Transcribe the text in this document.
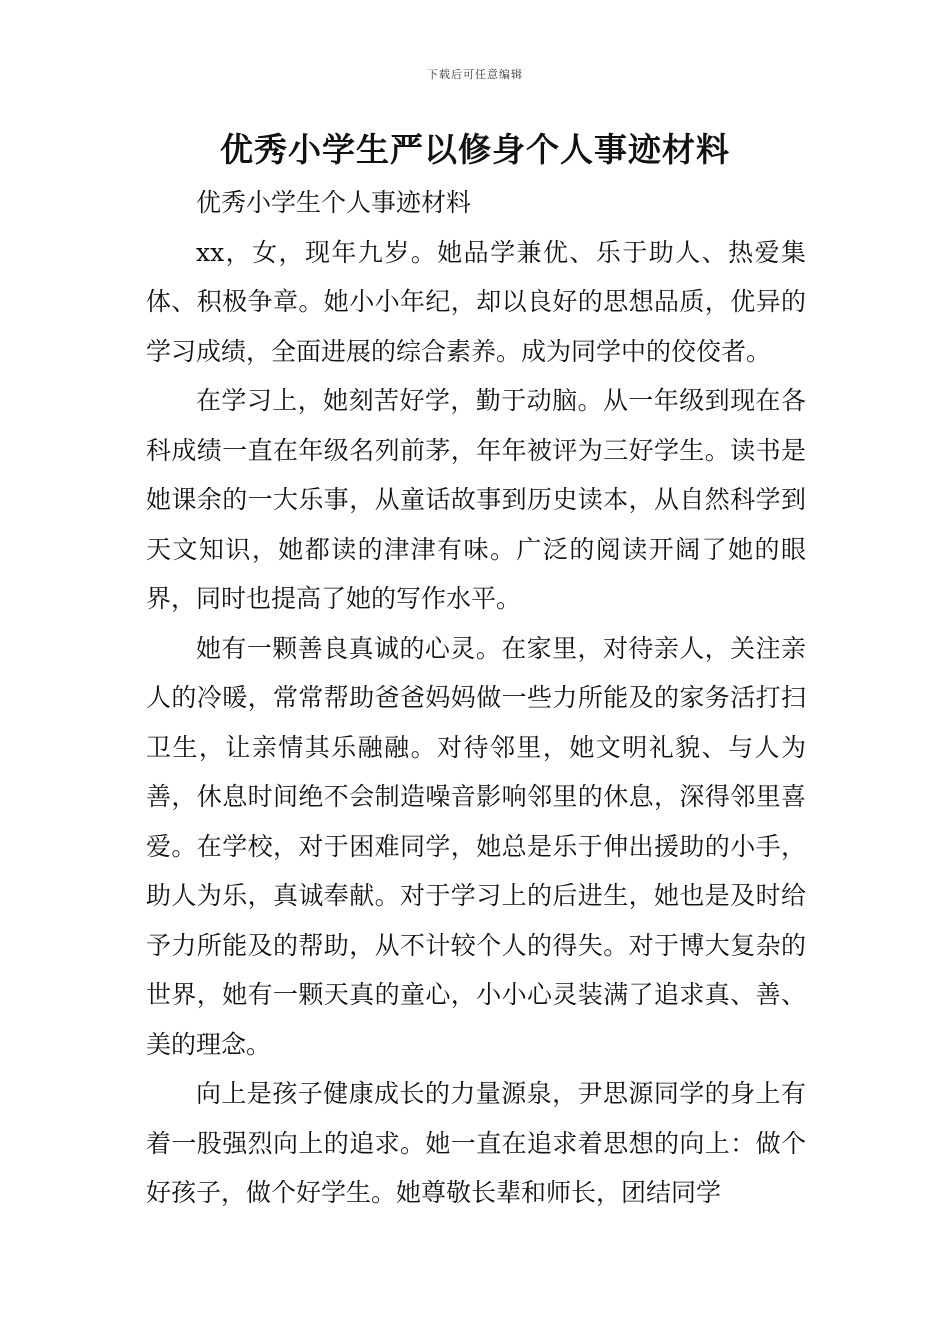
下载后可任意编辑
优秀小学生严以修身个人事迹材料

优秀小学生个人事迹材料

xx，女，现年九岁。她品学兼优、乐于助人、热爱集体、积极争章。她小小年纪，却以良好的思想品质，优异的学习成绩，全面进展的综合素养。成为同学中的佼佼者。

在学习上，她刻苦好学，勤于动脑。从一年级到现在各科成绩一直在年级名列前茅，年年被评为三好学生。读书是她课余的一大乐事，从童话故事到历史读本，从自然科学到天文知识，她都读的津津有味。广泛的阅读开阔了她的眼界，同时也提高了她的写作水平。

她有一颗善良真诚的心灵。在家里，对待亲人，关注亲人的冷暖，常常帮助爸爸妈妈做一些力所能及的家务活打扫卫生，让亲情其乐融融。对待邻里，她文明礼貌、与人为善，休息时间绝不会制造噪音影响邻里的休息，深得邻里喜爱。在学校，对于困难同学，她总是乐于伸出援助的小手，助人为乐，真诚奉献。对于学习上的后进生，她也是及时给予力所能及的帮助，从不计较个人的得失。对于博大复杂的世界，她有一颗天真的童心，小小心灵装满了追求真、善、美的理念。

向上是孩子健康成长的力量源泉，尹思源同学的身上有着一股强烈向上的追求。她一直在追求着思想的向上：做个好孩子，做个好学生。她尊敬长辈和师长，团结同学
